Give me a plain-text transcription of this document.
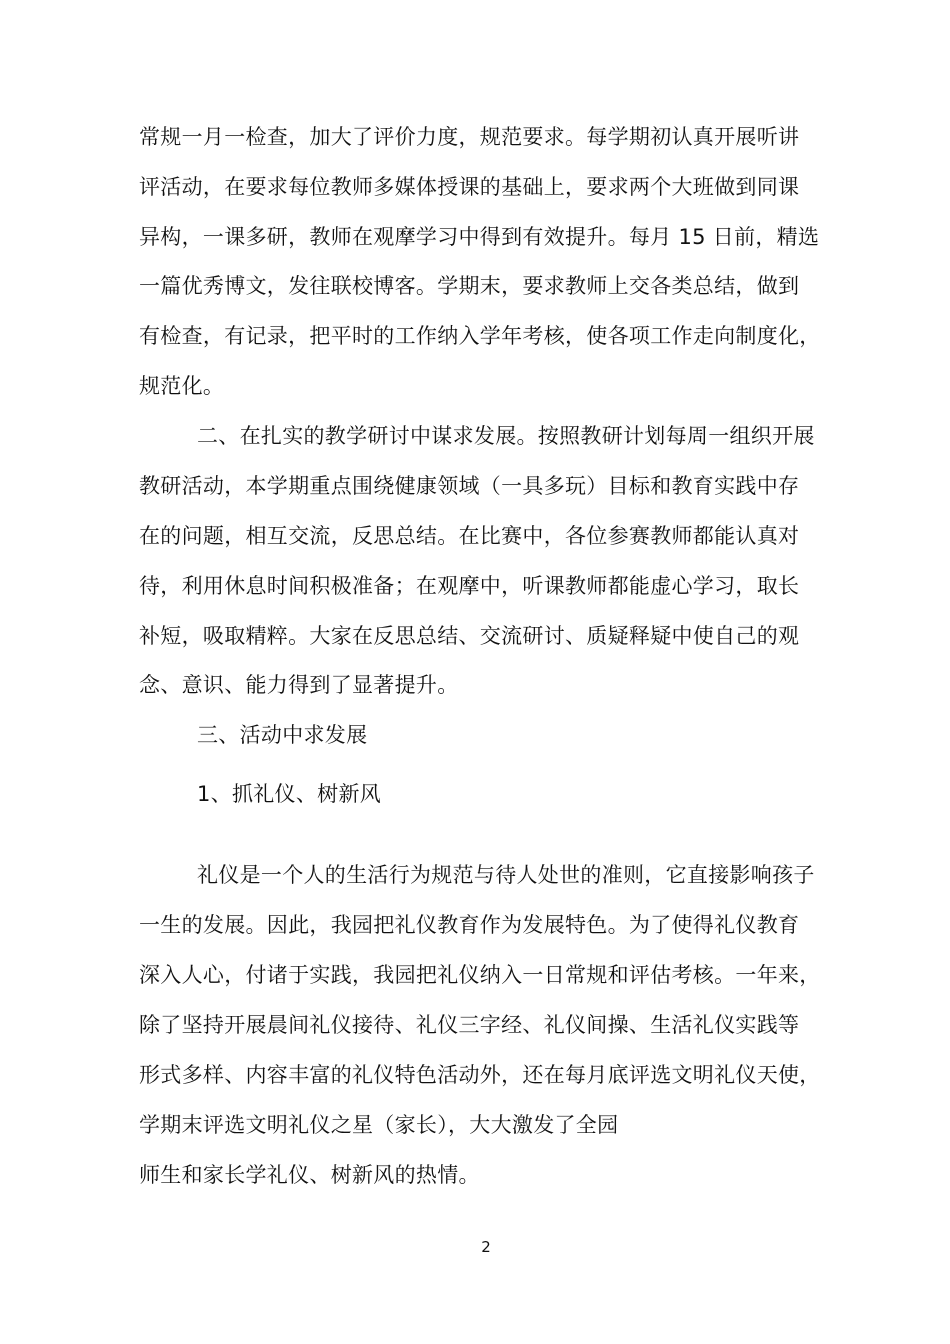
常规一月一检查，加大了评价力度，规范要求。每学期初认真开展听讲
评活动，在要求每位教师多媒体授课的基础上，要求两个大班做到同课
异构，一课多研，教师在观摩学习中得到有效提升。每月 15 日前，精选
一篇优秀博文，发往联校博客。学期末，要求教师上交各类总结，做到
有检查，有记录，把平时的工作纳入学年考核，使各项工作走向制度化，
规范化。
二、在扎实的教学研讨中谋求发展。按照教研计划每周一组织开展
教研活动，本学期重点围绕健康领域（一具多玩）目标和教育实践中存
在的问题，相互交流，反思总结。在比赛中，各位参赛教师都能认真对
待，利用休息时间积极准备；在观摩中，听课教师都能虚心学习，取长
补短，吸取精粹。大家在反思总结、交流研讨、质疑释疑中使自己的观
念、意识、能力得到了显著提升。
三、活动中求发展
1、抓礼仪、树新风
礼仪是一个人的生活行为规范与待人处世的准则，它直接影响孩子
一生的发展。因此，我园把礼仪教育作为发展特色。为了使得礼仪教育
深入人心，付诸于实践，我园把礼仪纳入一日常规和评估考核。一年来，
除了坚持开展晨间礼仪接待、礼仪三字经、礼仪间操、生活礼仪实践等
形式多样、内容丰富的礼仪特色活动外，还在每月底评选文明礼仪天使，
学期末评选文明礼仪之星（家长），大大激发了全园
师生和家长学礼仪、树新风的热情。
2
